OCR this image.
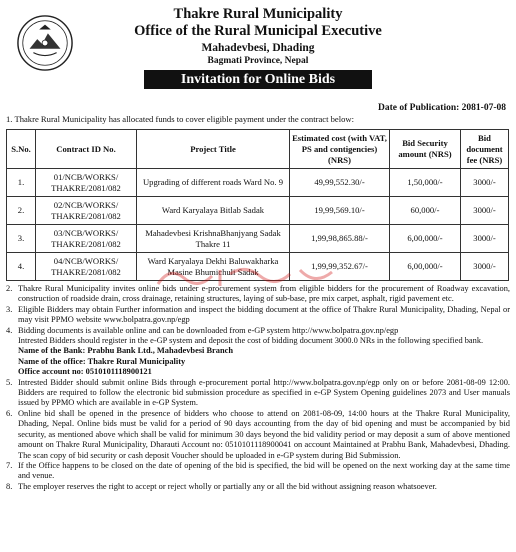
Thakre Rural Municipality
Office of the Rural Municipal Executive
Mahadevbesi, Dhading
Bagmati Province, Nepal
Invitation for Online Bids
Date of Publication: 2081-07-08
1. Thakre Rural Municipality has allocated funds to cover eligible payment under the contract below:
S.No.	Contract ID No.	Project Title	Estimated cost (with VAT, PS and contigencies) (NRS)	Bid Security amount (NRS)	Bid document fee (NRS)
1.	01/NCB/WORKS/ THAKRE/2081/082	Upgrading of different roads Ward No. 9	49,99,552.30/-	1,50,000/-	3000/-
2.	02/NCB/WORKS/ THAKRE/2081/082	Ward Karyalaya Bitlab Sadak	19,99,569.10/-	60,000/-	3000/-
3.	03/NCB/WORKS/ THAKRE/2081/082	Mahadevbesi KrishnaBhanjyang Sadak Thakre 11	1,99,98,865.88/-	6,00,000/-	3000/-
4.	04/NCB/WORKS/ THAKRE/2081/082	Ward Karyalaya Dekhi Baluwakharka Masine Bhumichuli Sadak	1,99,99,352.67/-	6,00,000/-	3000/-
2. Thakre Rural Municipality invites online bids under e-procurement system from eligible bidders for the procurement of Roadway excavation, construction of roadside drain, cross drainage, retaining structures, laying of sub-base, pre mix carpet, asphalt, rigid pavement etc.
3. Eligible Bidders may obtain Further information and inspect the bidding document at the office of Thakre Rural Municipality, Dhading, Nepal or may visit PPMO website www.bolpatra.gov.np/egp
4. Bidding documents is available online and can be downloaded from e-GP system http://www.bolpatra.gov.np/egp
Intrested Bidders should register in the e-GP system and deposit the cost of bidding document 3000.0 NRs in the following specified bank.
Name of the Bank: Prabhu Bank Ltd., Mahadevbesi Branch
Name of the office: Thakre Rural Municipality
Office account no: 0510101118900121
5. Intrested Bidder should submit online Bids through e-procurement portal http://www.bolpatra.gov.np/egp only on or before 2081-08-09 12:00. Bidders are required to follow the electronic bid submission procedure as specified in e-GP System Opening guidelines 2073 and User manuals issued by PPMO which are available in e-GP System.
6. Online bid shall be opened in the presence of bidders who choose to attend on 2081-08-09, 14:00 hours at the Thakre Rural Municipality, Dhading, Nepal. Online bids must be valid for a period of 90 days accounting from the day of bid opening and must be accompanied by bid security, as mentioned above which shall be valid for minimum 30 days beyond the bid validity period or may deposit a sum of above mentioned amount on Thakre Rural Municipality, Dharauti Account no: 0510101118900041 on account Maintained at Prabhu Bank, Mahadevbesi, Dhading. The scan copy of bid security or cash deposit Voucher should be uploaded in e-GP system during Bid Submission.
7. If the Office happens to be closed on the date of opening of the bid is specified, the bid will be opened on the next working day at the same time and venue.
8. The employer reserves the right to accept or reject wholly or partially any or all the bid without assigning reason whatsoever.
